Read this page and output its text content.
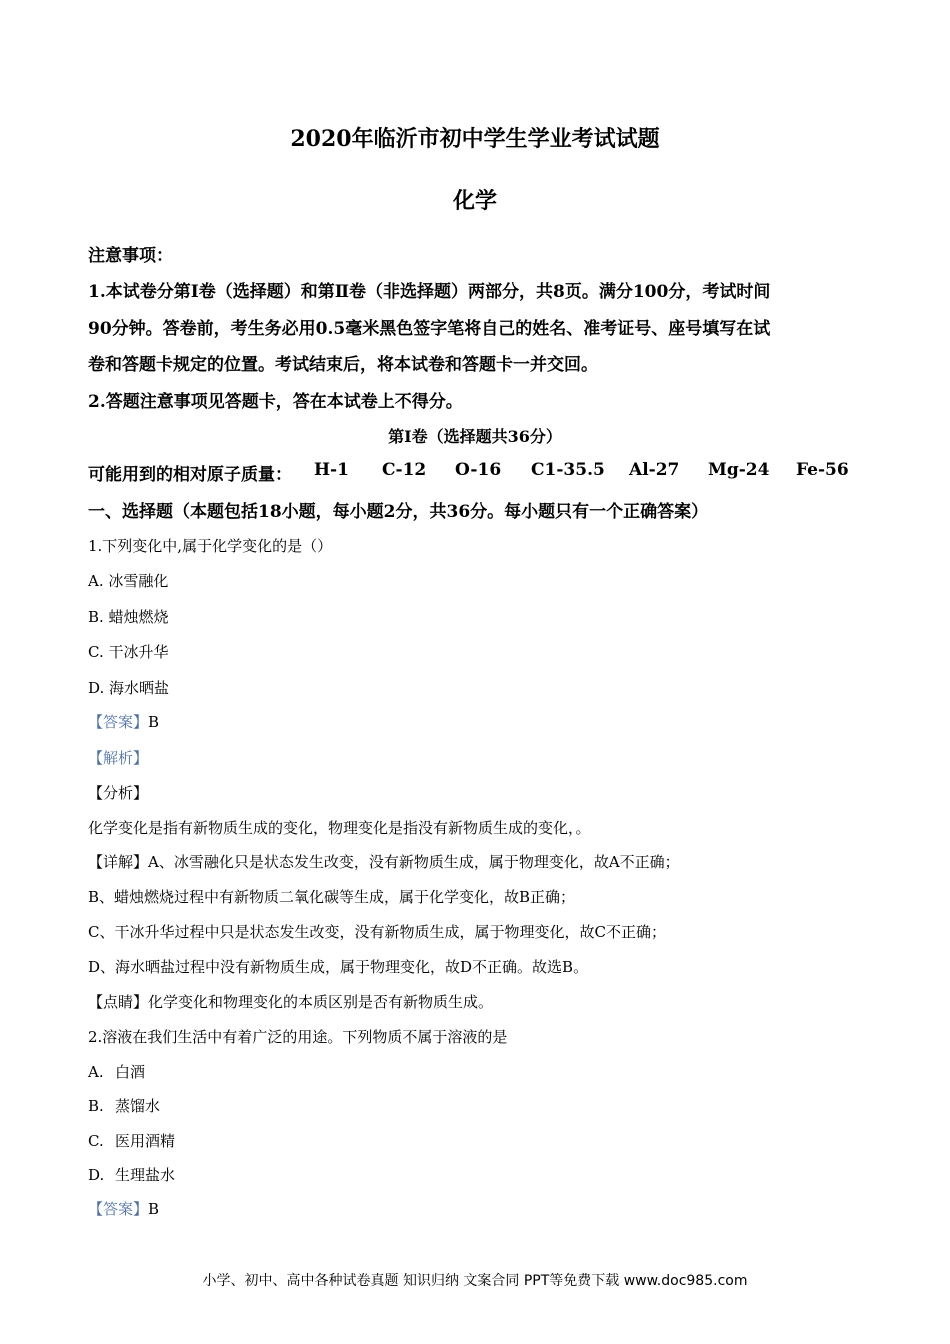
2020年临沂市初中学生学业考试试题
化学
注意事项：
1.本试卷分第Ⅰ卷（选择题）和第Ⅱ卷（非选择题）两部分，共8页。满分100分，考试时间
90分钟。答卷前，考生务必用0.5毫米黑色签字笔将自己的姓名、准考证号、座号填写在试
卷和答题卡规定的位置。考试结束后，将本试卷和答题卡一并交回。
2.答题注意事项见答题卡，答在本试卷上不得分。
第Ⅰ卷（选择题共36分）
可能用到的相对原子质量： H-1 C-12 O-16 C1-35.5 Al-27 Mg-24 Fe-56
一、选择题（本题包括18小题，每小题2分，共36分。每小题只有一个正确答案）
1.下列变化中,属于化学变化的是（）
A. 冰雪融化
B. 蜡烛燃烧
C. 干冰升华
D. 海水晒盐
【答案】B
【解析】
【分析】
化学变化是指有新物质生成的变化，物理变化是指没有新物质生成的变化，。
【详解】A、冰雪融化只是状态发生改变，没有新物质生成，属于物理变化，故A不正确；
B、蜡烛燃烧过程中有新物质二氧化碳等生成，属于化学变化，故B正确；
C、干冰升华过程中只是状态发生改变，没有新物质生成，属于物理变化，故C不正确；
D、海水晒盐过程中没有新物质生成，属于物理变化，故D不正确。故选B。
【点睛】化学变化和物理变化的本质区别是否有新物质生成。
2.溶液在我们生活中有着广泛的用途。下列物质不属于溶液的是
A. 白酒
B. 蒸馏水
C. 医用酒精
D. 生理盐水
【答案】B
小学、初中、高中各种试卷真题 知识归纳 文案合同 PPT等免费下载 www.doc985.com
